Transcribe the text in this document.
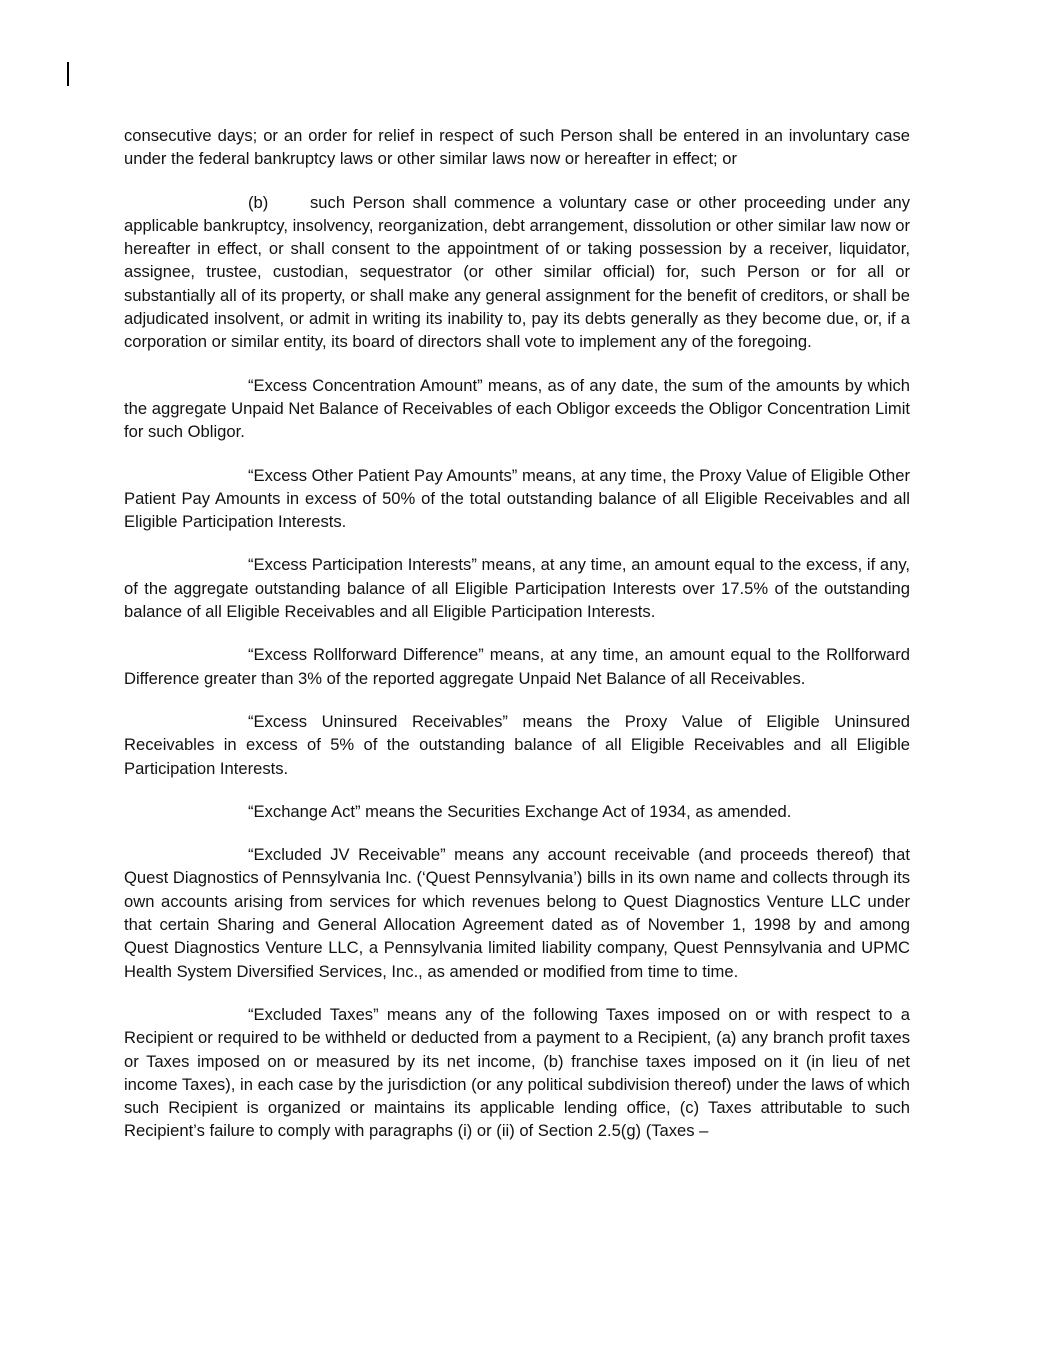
consecutive days; or an order for relief in respect of such Person shall be entered in an involuntary case under the federal bankruptcy laws or other similar laws now or hereafter in effect; or

(b)	such Person shall commence a voluntary case or other proceeding under any applicable bankruptcy, insolvency, reorganization, debt arrangement, dissolution or other similar law now or hereafter in effect, or shall consent to the appointment of or taking possession by a receiver, liquidator, assignee, trustee, custodian, sequestrator (or other similar official) for, such Person or for all or substantially all of its property, or shall make any general assignment for the benefit of creditors, or shall be adjudicated insolvent, or admit in writing its inability to, pay its debts generally as they become due, or, if a corporation or similar entity, its board of directors shall vote to implement any of the foregoing.

“Excess Concentration Amount” means, as of any date, the sum of the amounts by which the aggregate Unpaid Net Balance of Receivables of each Obligor exceeds the Obligor Concentration Limit for such Obligor.

“Excess Other Patient Pay Amounts” means, at any time, the Proxy Value of Eligible Other Patient Pay Amounts in excess of 50% of the total outstanding balance of all Eligible Receivables and all Eligible Participation Interests.

“Excess Participation Interests” means, at any time, an amount equal to the excess, if any, of the aggregate outstanding balance of all Eligible Participation Interests over 17.5% of the outstanding balance of all Eligible Receivables and all Eligible Participation Interests.

“Excess Rollforward Difference” means, at any time, an amount equal to the Rollforward Difference greater than 3% of the reported aggregate Unpaid Net Balance of all Receivables.

“Excess Uninsured Receivables” means the Proxy Value of Eligible Uninsured Receivables in excess of 5% of the outstanding balance of all Eligible Receivables and all Eligible Participation Interests.

“Exchange Act” means the Securities Exchange Act of 1934, as amended.

“Excluded JV Receivable” means any account receivable (and proceeds thereof) that Quest Diagnostics of Pennsylvania Inc. (‘Quest Pennsylvania’) bills in its own name and collects through its own accounts arising from services for which revenues belong to Quest Diagnostics Venture LLC under that certain Sharing and General Allocation Agreement dated as of November 1, 1998 by and among Quest Diagnostics Venture LLC, a Pennsylvania limited liability company, Quest Pennsylvania and UPMC Health System Diversified Services, Inc., as amended or modified from time to time.

“Excluded Taxes” means any of the following Taxes imposed on or with respect to a Recipient or required to be withheld or deducted from a payment to a Recipient, (a) any branch profit taxes or Taxes imposed on or measured by its net income, (b) franchise taxes imposed on it (in lieu of net income Taxes), in each case by the jurisdiction (or any political subdivision thereof) under the laws of which such Recipient is organized or maintains its applicable lending office, (c) Taxes attributable to such Recipient’s failure to comply with paragraphs (i) or (ii) of Section 2.5(g) (Taxes –
